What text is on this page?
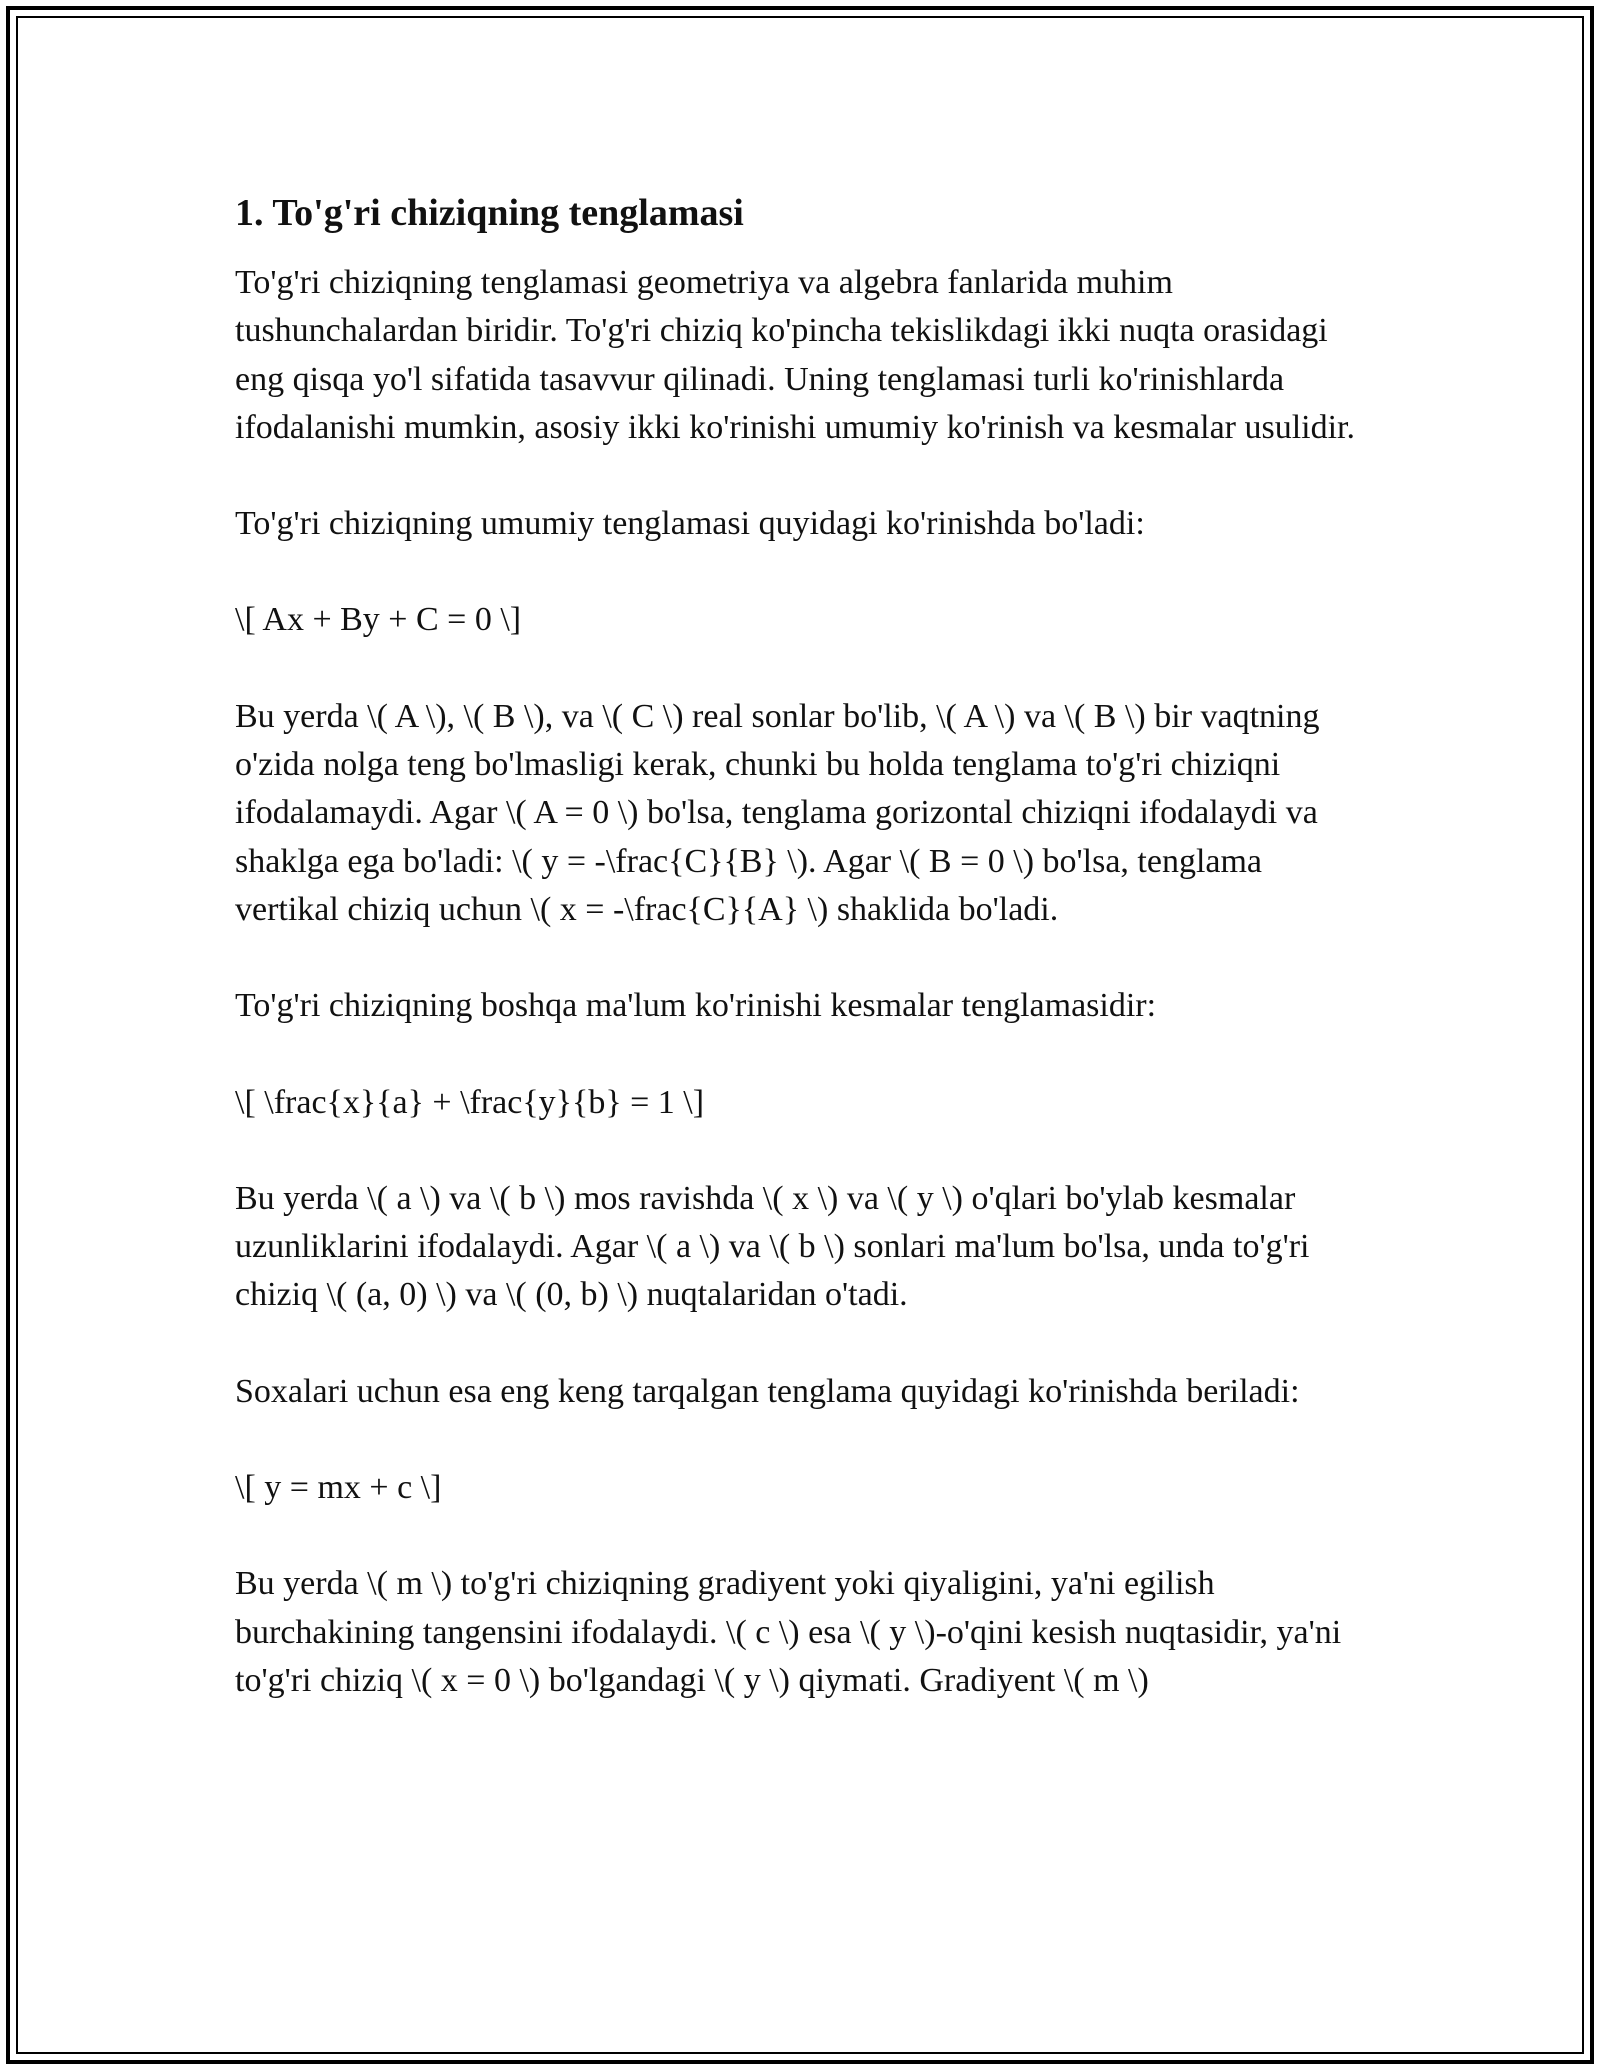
1. To'g'ri chiziqning tenglamasi

To'g'ri chiziqning tenglamasi geometriya va algebra fanlarida muhim tushunchalardan biridir. To'g'ri chiziq ko'pincha tekislikdagi ikki nuqta orasidagi eng qisqa yo'l sifatida tasavvur qilinadi. Uning tenglamasi turli ko'rinishlarda ifodalanishi mumkin, asosiy ikki ko'rinishi umumiy ko'rinish va kesmalar usulidir.

To'g'ri chiziqning umumiy tenglamasi quyidagi ko'rinishda bo'ladi:

\[ Ax + By + C = 0 \]

Bu yerda \( A \), \( B \), va \( C \) real sonlar bo'lib, \( A \) va \( B \) bir vaqtning o'zida nolga teng bo'lmasligi kerak, chunki bu holda tenglama to'g'ri chiziqni ifodalamaydi. Agar \( A = 0 \) bo'lsa, tenglama gorizontal chiziqni ifodalaydi va shaklga ega bo'ladi: \( y = -\frac{C}{B} \). Agar \( B = 0 \) bo'lsa, tenglama vertikal chiziq uchun \( x = -\frac{C}{A} \) shaklida bo'ladi.

To'g'ri chiziqning boshqa ma'lum ko'rinishi kesmalar tenglamasidir:

\[ \frac{x}{a} + \frac{y}{b} = 1 \]

Bu yerda \( a \) va \( b \) mos ravishda \( x \) va \( y \) o'qlari bo'ylab kesmalar uzunliklarini ifodalaydi. Agar \( a \) va \( b \) sonlari ma'lum bo'lsa, unda to'g'ri chiziq \( (a, 0) \) va \( (0, b) \) nuqtalaridan o'tadi.

Soxalari uchun esa eng keng tarqalgan tenglama quyidagi ko'rinishda beriladi:

\[ y = mx + c \]

Bu yerda \( m \) to'g'ri chiziqning gradiyent yoki qiyaligini, ya'ni egilish burchakining tangensini ifodalaydi. \( c \) esa \( y \)-o'qini kesish nuqtasidir, ya'ni to'g'ri chiziq \( x = 0 \) bo'lgandagi \( y \) qiymati. Gradiyent \( m \)
